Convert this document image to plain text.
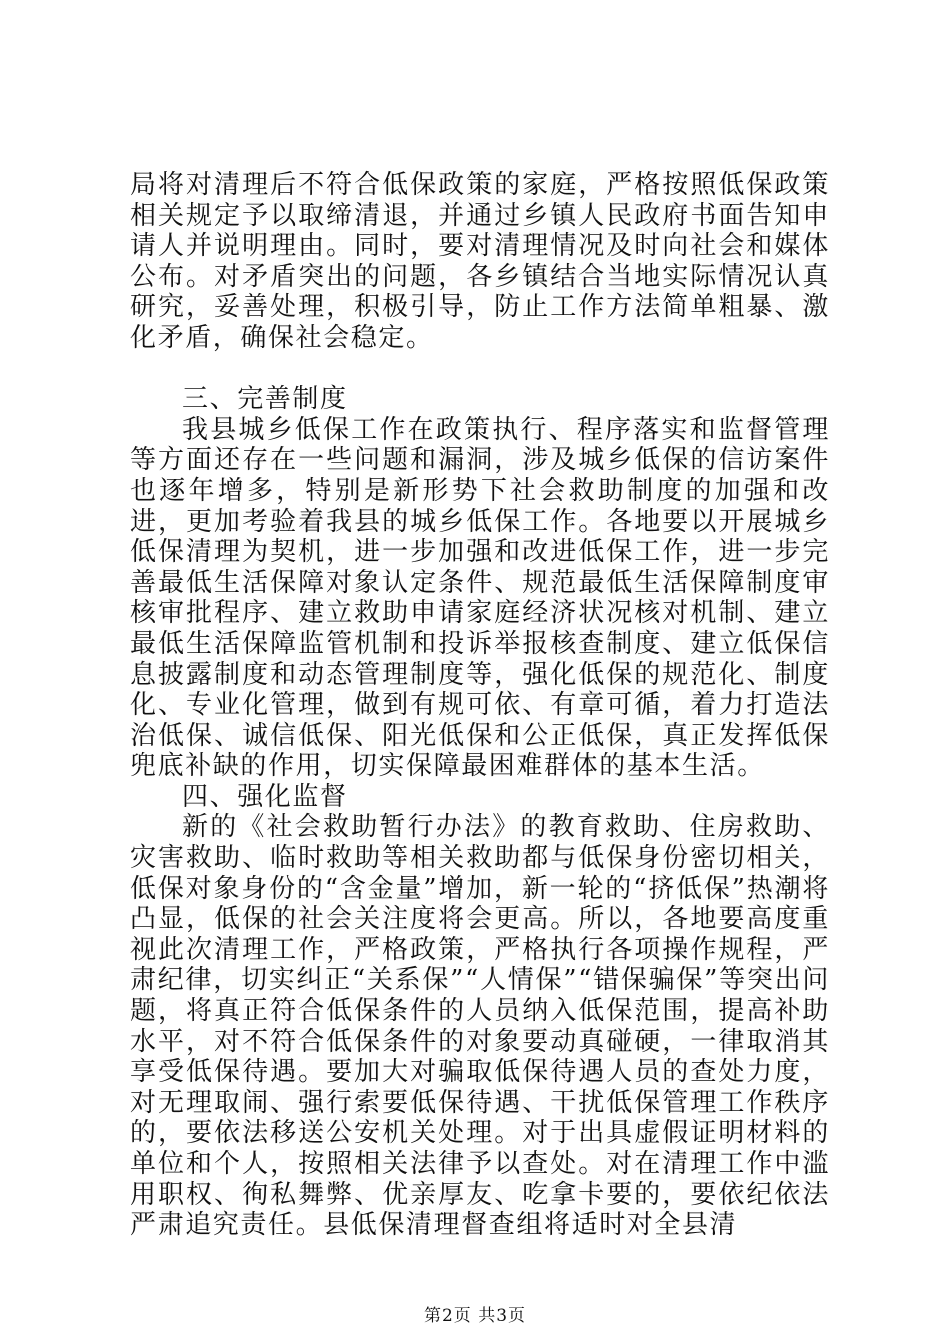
局将对清理后不符合低保政策的家庭，严格按照低保政策相关规定予以取缔清退，并通过乡镇人民政府书面告知申请人并说明理由。同时，要对清理情况及时向社会和媒体公布。对矛盾突出的问题，各乡镇结合当地实际情况认真研究，妥善处理，积极引导，防止工作方法简单粗暴、激化矛盾，确保社会稳定。

三、完善制度

我县城乡低保工作在政策执行、程序落实和监督管理等方面还存在一些问题和漏洞，涉及城乡低保的信访案件也逐年增多，特别是新形势下社会救助制度的加强和改进，更加考验着我县的城乡低保工作。各地要以开展城乡低保清理为契机，进一步加强和改进低保工作，进一步完善最低生活保障对象认定条件、规范最低生活保障制度审核审批程序、建立救助申请家庭经济状况核对机制、建立最低生活保障监管机制和投诉举报核查制度、建立低保信息披露制度和动态管理制度等，强化低保的规范化、制度化、专业化管理，做到有规可依、有章可循，着力打造法治低保、诚信低保、阳光低保和公正低保，真正发挥低保兜底补缺的作用，切实保障最困难群体的基本生活。

四、强化监督

新的《社会救助暂行办法》的教育救助、住房救助、灾害救助、临时救助等相关救助都与低保身份密切相关，低保对象身份的“含金量”增加，新一轮的“挤低保”热潮将凸显，低保的社会关注度将会更高。所以，各地要高度重视此次清理工作，严格政策，严格执行各项操作规程，严肃纪律，切实纠正“关系保”“人情保”“错保骗保”等突出问题，将真正符合低保条件的人员纳入低保范围，提高补助水平，对不符合低保条件的对象要动真碰硬，一律取消其享受低保待遇。要加大对骗取低保待遇人员的查处力度，对无理取闹、强行索要低保待遇、干扰低保管理工作秩序的，要依法移送公安机关处理。对于出具虚假证明材料的单位和个人，按照相关法律予以查处。对在清理工作中滥用职权、徇私舞弊、优亲厚友、吃拿卡要的，要依纪依法严肃追究责任。县低保清理督查组将适时对全县清

第2页 共3页
